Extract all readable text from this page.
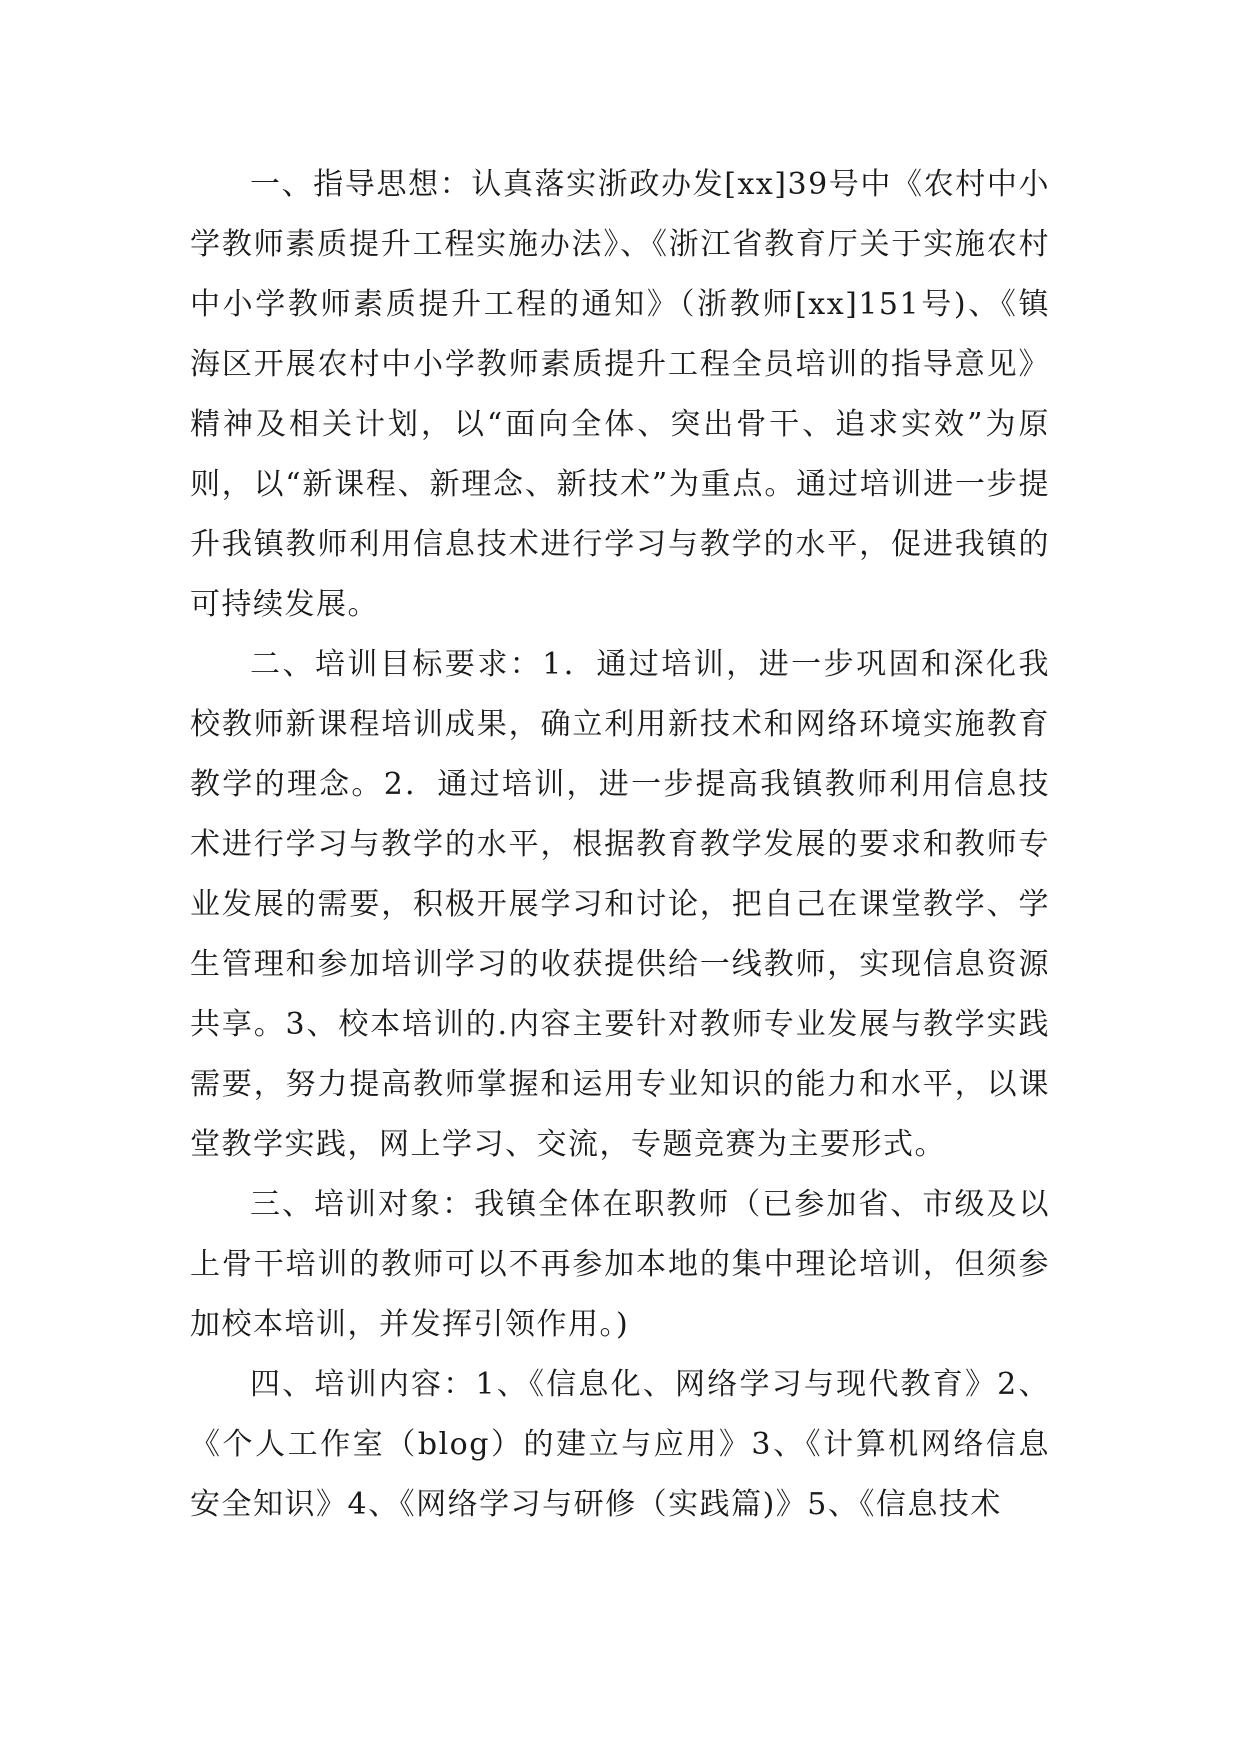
一、指导思想：认真落实浙政办发[xx]39号中《农村中小学教师素质提升工程实施办法》、《浙江省教育厅关于实施农村中小学教师素质提升工程的通知》（浙教师[xx]151号)、《镇海区开展农村中小学教师素质提升工程全员培训的指导意见》精神及相关计划，以“面向全体、突出骨干、追求实效”为原则，以“新课程、新理念、新技术”为重点。通过培训进一步提升我镇教师利用信息技术进行学习与教学的水平，促进我镇的可持续发展。

二、培训目标要求：1．通过培训，进一步巩固和深化我校教师新课程培训成果，确立利用新技术和网络环境实施教育教学的理念。2．通过培训，进一步提高我镇教师利用信息技术进行学习与教学的水平，根据教育教学发展的要求和教师专业发展的需要，积极开展学习和讨论，把自己在课堂教学、学生管理和参加培训学习的收获提供给一线教师，实现信息资源共享。3、校本培训的.内容主要针对教师专业发展与教学实践需要，努力提高教师掌握和运用专业知识的能力和水平，以课堂教学实践，网上学习、交流，专题竞赛为主要形式。

三、培训对象：我镇全体在职教师（已参加省、市级及以上骨干培训的教师可以不再参加本地的集中理论培训，但须参加校本培训，并发挥引领作用。)

四、培训内容：1、《信息化、网络学习与现代教育》2、《个人工作室（blog）的建立与应用》3、《计算机网络信息安全知识》4、《网络学习与研修（实践篇)》5、《信息技术
